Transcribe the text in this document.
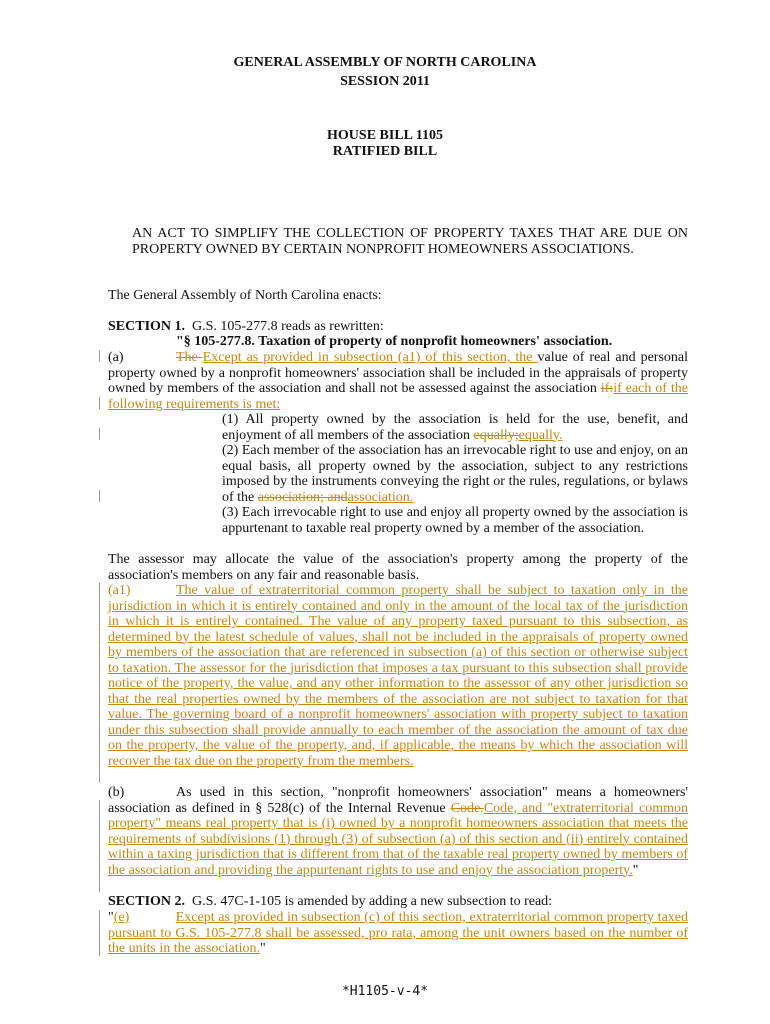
GENERAL ASSEMBLY OF NORTH CAROLINA
SESSION 2011
HOUSE BILL 1105
RATIFIED BILL
AN ACT TO SIMPLIFY THE COLLECTION OF PROPERTY TAXES THAT ARE DUE ON PROPERTY OWNED BY CERTAIN NONPROFIT HOMEOWNERS ASSOCIATIONS.
The General Assembly of North Carolina enacts:
SECTION 1. G.S. 105-277.8 reads as rewritten:
"§ 105-277.8. Taxation of property of nonprofit homeowners' association.
(a)	The Except as provided in subsection (a1) of this section, the value of real and personal property owned by a nonprofit homeowners' association shall be included in the appraisals of property owned by members of the association and shall not be assessed against the association if:if each of the following requirements is met:
(1) All property owned by the association is held for the use, benefit, and enjoyment of all members of the association equally;equally.
(2) Each member of the association has an irrevocable right to use and enjoy, on an equal basis, all property owned by the association, subject to any restrictions imposed by the instruments conveying the right or the rules, regulations, or bylaws of the association; andassociation.
(3) Each irrevocable right to use and enjoy all property owned by the association is appurtenant to taxable real property owned by a member of the association.
The assessor may allocate the value of the association's property among the property of the association's members on any fair and reasonable basis.
(a1)	The value of extraterritorial common property shall be subject to taxation only in the jurisdiction in which it is entirely contained and only in the amount of the local tax of the jurisdiction in which it is entirely contained. The value of any property taxed pursuant to this subsection, as determined by the latest schedule of values, shall not be included in the appraisals of property owned by members of the association that are referenced in subsection (a) of this section or otherwise subject to taxation. The assessor for the jurisdiction that imposes a tax pursuant to this subsection shall provide notice of the property, the value, and any other information to the assessor of any other jurisdiction so that the real properties owned by the members of the association are not subject to taxation for that value. The governing board of a nonprofit homeowners' association with property subject to taxation under this subsection shall provide annually to each member of the association the amount of tax due on the property, the value of the property, and, if applicable, the means by which the association will recover the tax due on the property from the members.
(b)	As used in this section, "nonprofit homeowners' association" means a homeowners' association as defined in § 528(c) of the Internal Revenue Code.Code, and "extraterritorial common property" means real property that is (i) owned by a nonprofit homeowners association that meets the requirements of subdivisions (1) through (3) of subsection (a) of this section and (ii) entirely contained within a taxing jurisdiction that is different from that of the taxable real property owned by members of the association and providing the appurtenant rights to use and enjoy the association property."
SECTION 2. G.S. 47C-1-105 is amended by adding a new subsection to read:
"(e)	Except as provided in subsection (c) of this section, extraterritorial common property taxed pursuant to G.S. 105-277.8 shall be assessed, pro rata, among the unit owners based on the number of the units in the association."
*H1105-v-4*
